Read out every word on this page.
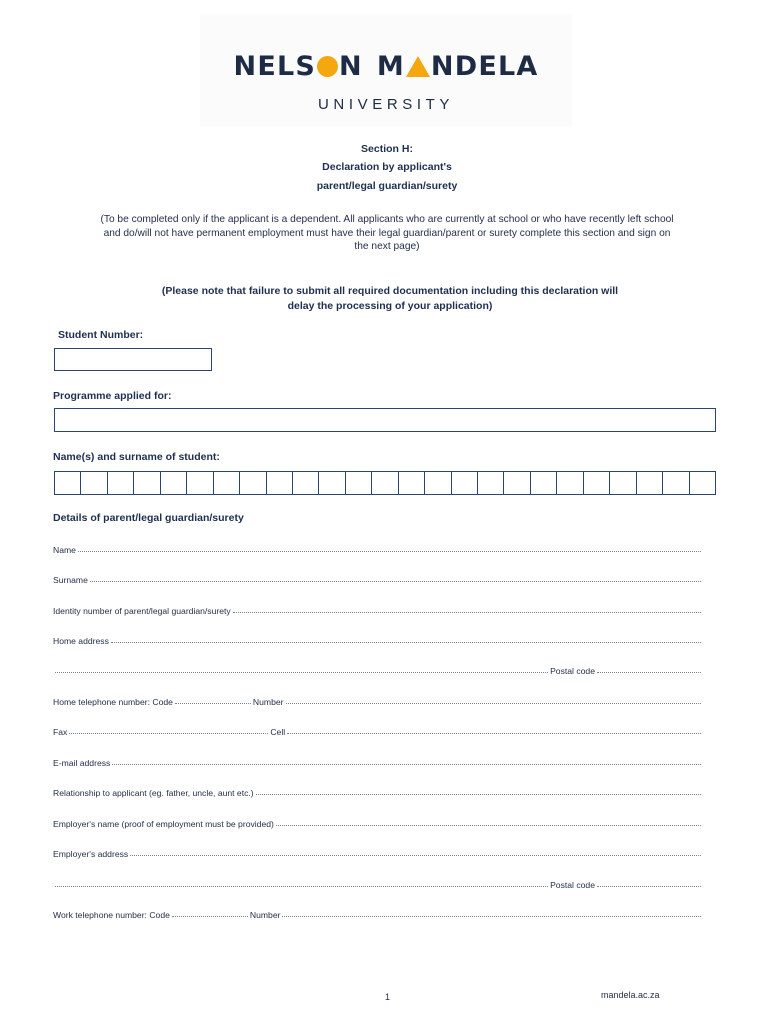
NELS N M NDELA
UNIVERSITY
Section H:
Declaration by applicant's
parent/legal guardian/surety
(To be completed only if the applicant is a dependent. All applicants who are currently at school or who have recently left school
and do/will not have permanent employment must have their legal guardian/parent or surety complete this section and sign on
the next page)
(Please note that failure to submit all required documentation including this declaration will
delay the processing of your application)
Student Number:
Programme applied for:
Name(s) and surname of student:
Details of parent/legal guardian/surety
Name
Surname
Identity number of parent/legal guardian/surety
Home address
Postal code
Home telephone number: Code	Number
Fax	Cell
E-mail address
Relationship to applicant (eg. father, uncle, aunt etc.)
Employer's name (proof of employment must be provided)
Employer's address
Postal code
Work telephone number: Code	Number
1	mandela.ac.za
